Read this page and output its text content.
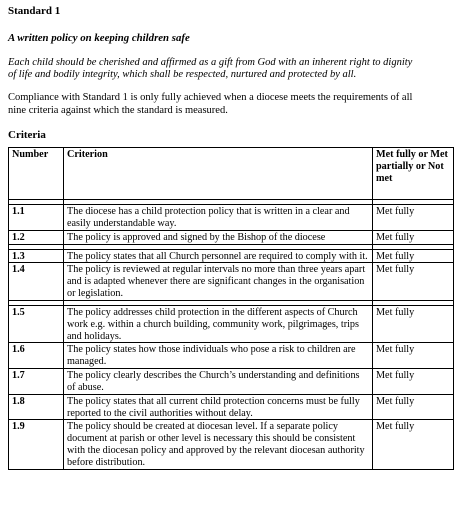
Standard 1
A written policy on keeping children safe
Each child should be cherished and affirmed as a gift from God with an inherent right to dignity of life and bodily integrity, which shall be respected, nurtured and protected by all.
Compliance with Standard 1 is only fully achieved when a diocese meets the requirements of all nine criteria against which the standard is measured.
Criteria
Number	Criterion	Met fully or Met partially or Not met

1.1	The diocese has a child protection policy that is written in a clear and easily understandable way.	Met fully
1.2	The policy is approved and signed by the Bishop of the diocese	Met fully

1.3	The policy states that all Church personnel are required to comply with it.	Met fully
1.4	The policy is reviewed at regular intervals no more than three years apart and is adapted whenever there are significant changes in the organisation or legislation.	Met fully

1.5	The policy addresses child protection in the different aspects of Church work e.g. within a church building, community work, pilgrimages, trips and holidays.	Met fully
1.6	The policy states how those individuals who pose a risk to children are managed.	Met fully
1.7	The policy clearly describes the Church’s understanding and definitions of abuse.	Met fully
1.8	The policy states that all current child protection concerns must be fully reported to the civil authorities without delay.	Met fully
1.9	The policy should be created at diocesan level. If a separate policy document at parish or other level is necessary this should be consistent with the diocesan policy and approved by the relevant diocesan authority before distribution.	Met fully
